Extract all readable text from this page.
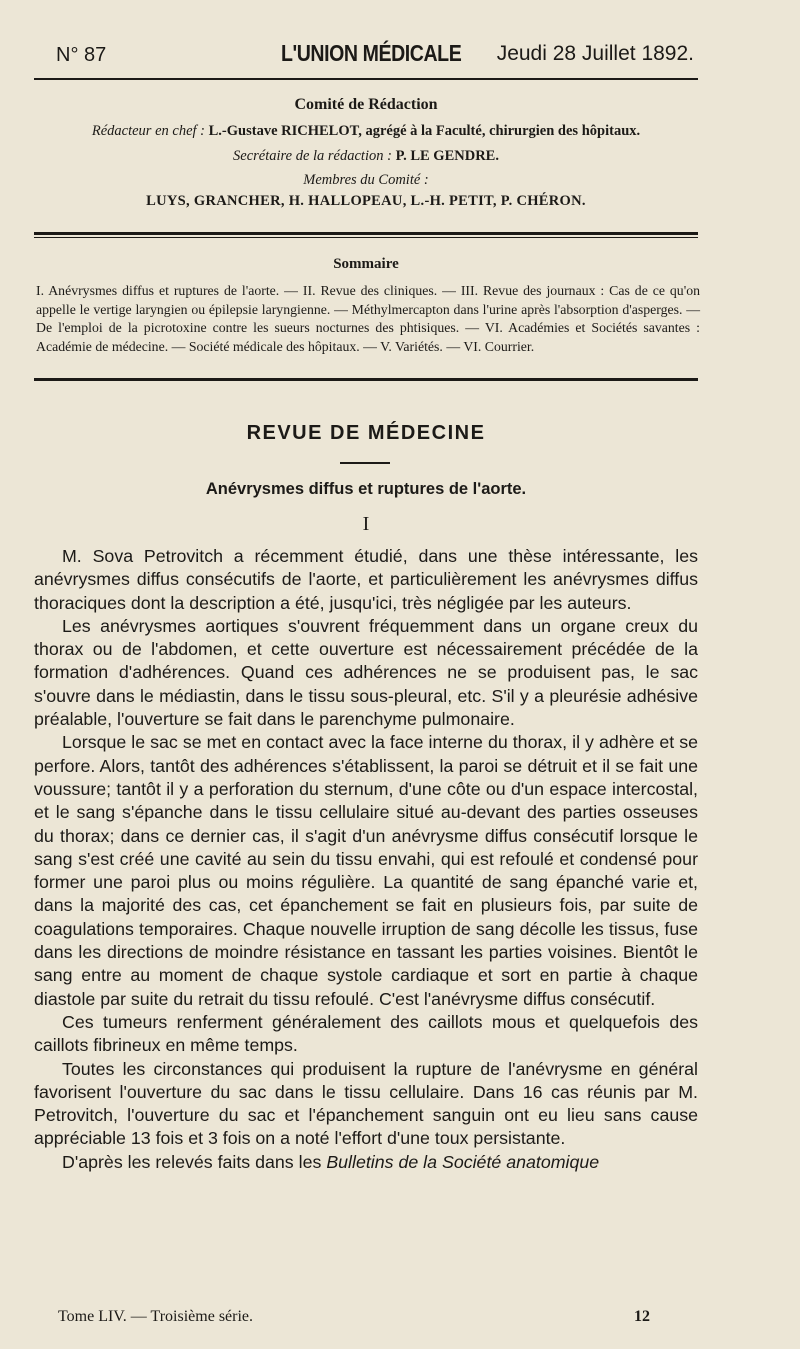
N° 87	L'UNION MÉDICALE Jeudi 28 Juillet 1892.
Comité de Rédaction
Rédacteur en chef : L.-Gustave RICHELOT, agrégé à la Faculté, chirurgien des hôpitaux.
Secrétaire de la rédaction : P. LE GENDRE.
Membres du Comité :
LUYS, GRANCHER, H. HALLOPEAU, L.-H. PETIT, P. CHÉRON.
Sommaire
I. Anévrysmes diffus et ruptures de l'aorte. — II. Revue des cliniques. — III. Revue des journaux : Cas de ce qu'on appelle le vertige laryngien ou épilepsie laryngienne. — Méthylmercapton dans l'urine après l'absorption d'asperges. — De l'emploi de la picrotoxine contre les sueurs nocturnes des phtisiques. — VI. Académies et Sociétés savantes : Académie de médecine. — Société médicale des hôpitaux. — V. Variétés. — VI. Courrier.
REVUE DE MÉDECINE
Anévrysmes diffus et ruptures de l'aorte.
I

M. Sova Petrovitch a récemment étudié, dans une thèse intéressante, les anévrysmes diffus consécutifs de l'aorte, et particulièrement les anévrysmes diffus thoraciques dont la description a été, jusqu'ici, très négligée par les auteurs.

Les anévrysmes aortiques s'ouvrent fréquemment dans un organe creux du thorax ou de l'abdomen, et cette ouverture est nécessairement précédée de la formation d'adhérences. Quand ces adhérences ne se produisent pas, le sac s'ouvre dans le médiastin, dans le tissu sous-pleural, etc. S'il y a pleurésie adhésive préalable, l'ouverture se fait dans le parenchyme pulmonaire.

Lorsque le sac se met en contact avec la face interne du thorax, il y adhère et se perfore. Alors, tantôt des adhérences s'établissent, la paroi se détruit et il se fait une voussure; tantôt il y a perforation du sternum, d'une côte ou d'un espace intercostal, et le sang s'épanche dans le tissu cellulaire situé au-devant des parties osseuses du thorax; dans ce dernier cas, il s'agit d'un anévrysme diffus consécutif lorsque le sang s'est créé une cavité au sein du tissu envahi, qui est refoulé et condensé pour former une paroi plus ou moins régulière. La quantité de sang épanché varie et, dans la majorité des cas, cet épanchement se fait en plusieurs fois, par suite de coagulations temporaires. Chaque nouvelle irruption de sang décolle les tissus, fuse dans les directions de moindre résistance en tassant les parties voisines. Bientôt le sang entre au moment de chaque systole cardiaque et sort en partie à chaque diastole par suite du retrait du tissu refoulé. C'est l'anévrysme diffus consécutif.

Ces tumeurs renferment généralement des caillots mous et quelquefois des caillots fibrineux en même temps.

Toutes les circonstances qui produisent la rupture de l'anévrysme en général favorisent l'ouverture du sac dans le tissu cellulaire. Dans 16 cas réunis par M. Petrovitch, l'ouverture du sac et l'épanchement sanguin ont eu lieu sans cause appréciable 13 fois et 3 fois on a noté l'effort d'une toux persistante.

D'après les relevés faits dans les Bulletins de la Société anatomique

Tome LIV. — Troisième série.	12
